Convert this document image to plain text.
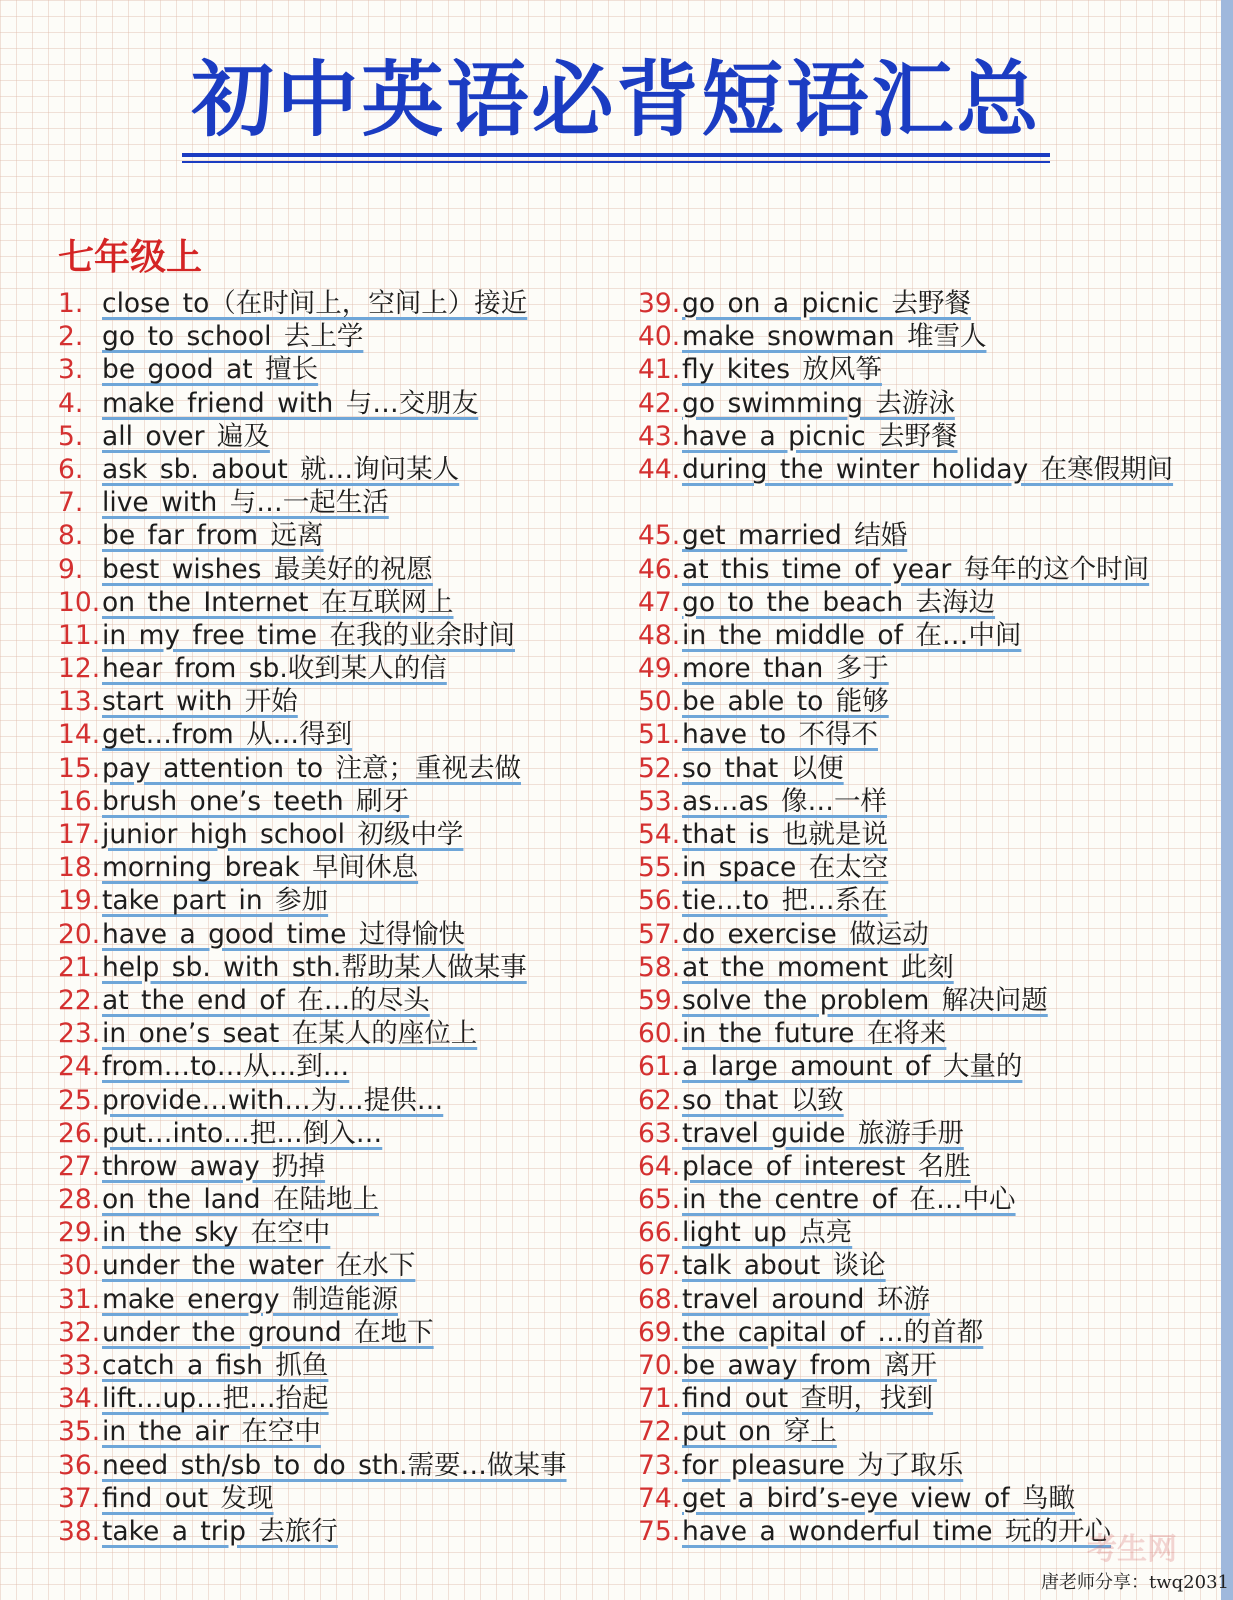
初中英语必背短语汇总
七年级上
1. close to（在时间上，空间上）接近
2. go to school 去上学
3. be good at 擅长
4. make friend with 与…交朋友
5. all over 遍及
6. ask sb. about 就…询问某人
7. live with 与…一起生活
8. be far from 远离
9. best wishes 最美好的祝愿
10. on the Internet 在互联网上
11. in my free time 在我的业余时间
12. hear from sb.收到某人的信
13. start with 开始
14. get…from 从…得到
15. pay attention to 注意；重视去做
16. brush one’s teeth 刷牙
17. junior high school 初级中学
18. morning break 早间休息
19. take part in 参加
20. have a good time 过得愉快
21. help sb. with sth.帮助某人做某事
22. at the end of 在…的尽头
23. in one’s seat 在某人的座位上
24. from…to…从…到…
25. provide…with…为…提供…
26. put…into…把…倒入…
27. throw away 扔掉
28. on the land 在陆地上
29. in the sky 在空中
30. under the water 在水下
31. make energy 制造能源
32. under the ground 在地下
33. catch a fish 抓鱼
34. lift…up…把…抬起
35. in the air 在空中
36. need sth/sb to do sth.需要…做某事
37. find out 发现
38. take a trip 去旅行
39. go on a picnic 去野餐
40. make snowman 堆雪人
41. fly kites 放风筝
42. go swimming 去游泳
43. have a picnic 去野餐
44. during the winter holiday 在寒假期间
45. get married 结婚
46. at this time of year 每年的这个时间
47. go to the beach 去海边
48. in the middle of 在…中间
49. more than 多于
50. be able to 能够
51. have to 不得不
52. so that 以便
53. as…as 像…一样
54. that is 也就是说
55. in space 在太空
56. tie…to 把…系在
57. do exercise 做运动
58. at the moment 此刻
59. solve the problem 解决问题
60. in the future 在将来
61. a large amount of 大量的
62. so that 以致
63. travel guide 旅游手册
64. place of interest 名胜
65. in the centre of 在…中心
66. light up 点亮
67. talk about 谈论
68. travel around 环游
69. the capital of …的首都
70. be away from 离开
71. find out 查明，找到
72. put on 穿上
73. for pleasure 为了取乐
74. get a bird’s-eye view of 鸟瞰
75. have a wonderful time 玩的开心
考生网
唐老师分享：twq2031
